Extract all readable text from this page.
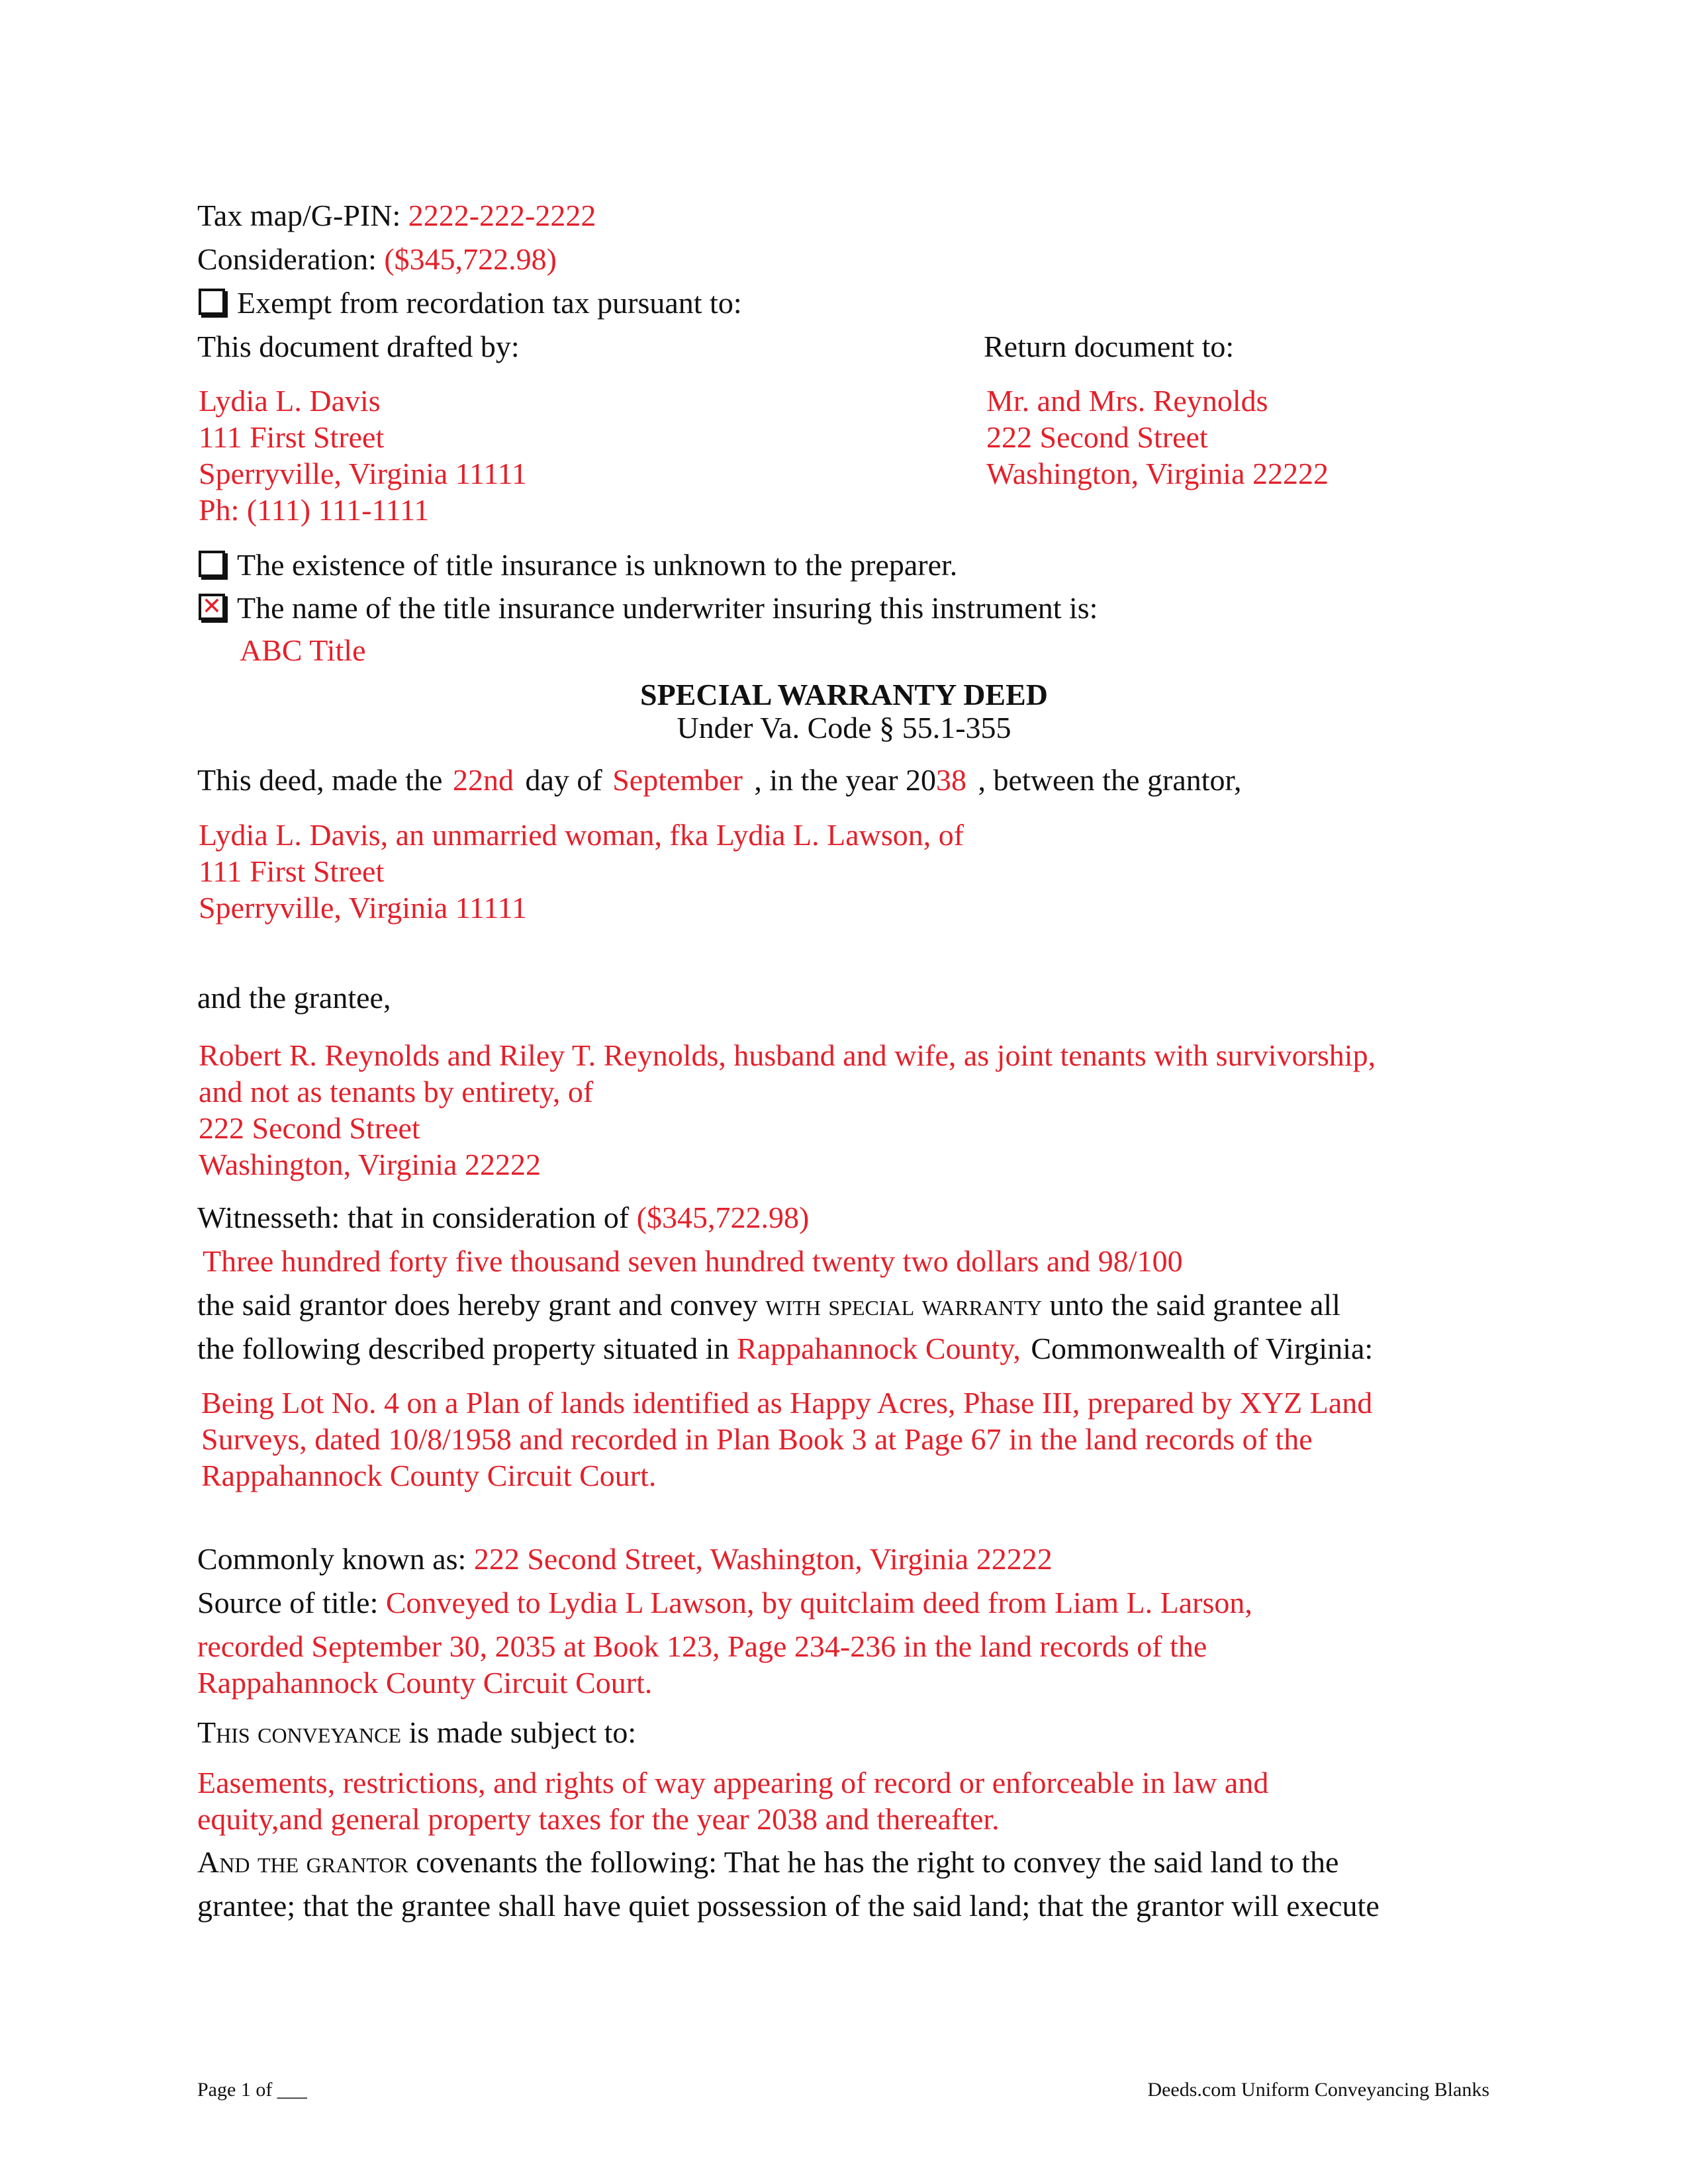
Tax map/G-PIN: 2222-222-2222
Consideration: ($345,722.98)
Exempt from recordation tax pursuant to:
This document drafted by:	Return document to:
Lydia L. Davis
111 First Street
Sperryville, Virginia 11111
Ph: (111) 111-1111
Mr. and Mrs. Reynolds
222 Second Street
Washington, Virginia 22222
The existence of title insurance is unknown to the preparer.
✕ The name of the title insurance underwriter insuring this instrument is:
ABC Title
SPECIAL WARRANTY DEED
Under Va. Code § 55.1-355
This deed, made the 22nd day of September , in the year 2038 , between the grantor,
Lydia L. Davis, an unmarried woman, fka Lydia L. Lawson, of
111 First Street
Sperryville, Virginia 11111
and the grantee,
Robert R. Reynolds and Riley T. Reynolds, husband and wife, as joint tenants with survivorship,
and not as tenants by entirety, of
222 Second Street
Washington, Virginia 22222
Witnesseth: that in consideration of ($345,722.98)
Three hundred forty five thousand seven hundred twenty two dollars and 98/100
the said grantor does hereby grant and convey with special warranty unto the said grantee all
the following described property situated in Rappahannock County, Commonwealth of Virginia:
Being Lot No. 4 on a Plan of lands identified as Happy Acres, Phase III, prepared by XYZ Land
Surveys, dated 10/8/1958 and recorded in Plan Book 3 at Page 67 in the land records of the
Rappahannock County Circuit Court.
Commonly known as: 222 Second Street, Washington, Virginia 22222
Source of title: Conveyed to Lydia L Lawson, by quitclaim deed from Liam L. Larson,
recorded September 30, 2035 at Book 123, Page 234-236 in the land records of the
Rappahannock County Circuit Court.
This conveyance is made subject to:
Easements, restrictions, and rights of way appearing of record or enforceable in law and
equity,and general property taxes for the year 2038 and thereafter.
And the grantor covenants the following: That he has the right to convey the said land to the
grantee; that the grantee shall have quiet possession of the said land; that the grantor will execute
Page 1 of ___	Deeds.com Uniform Conveyancing Blanks
